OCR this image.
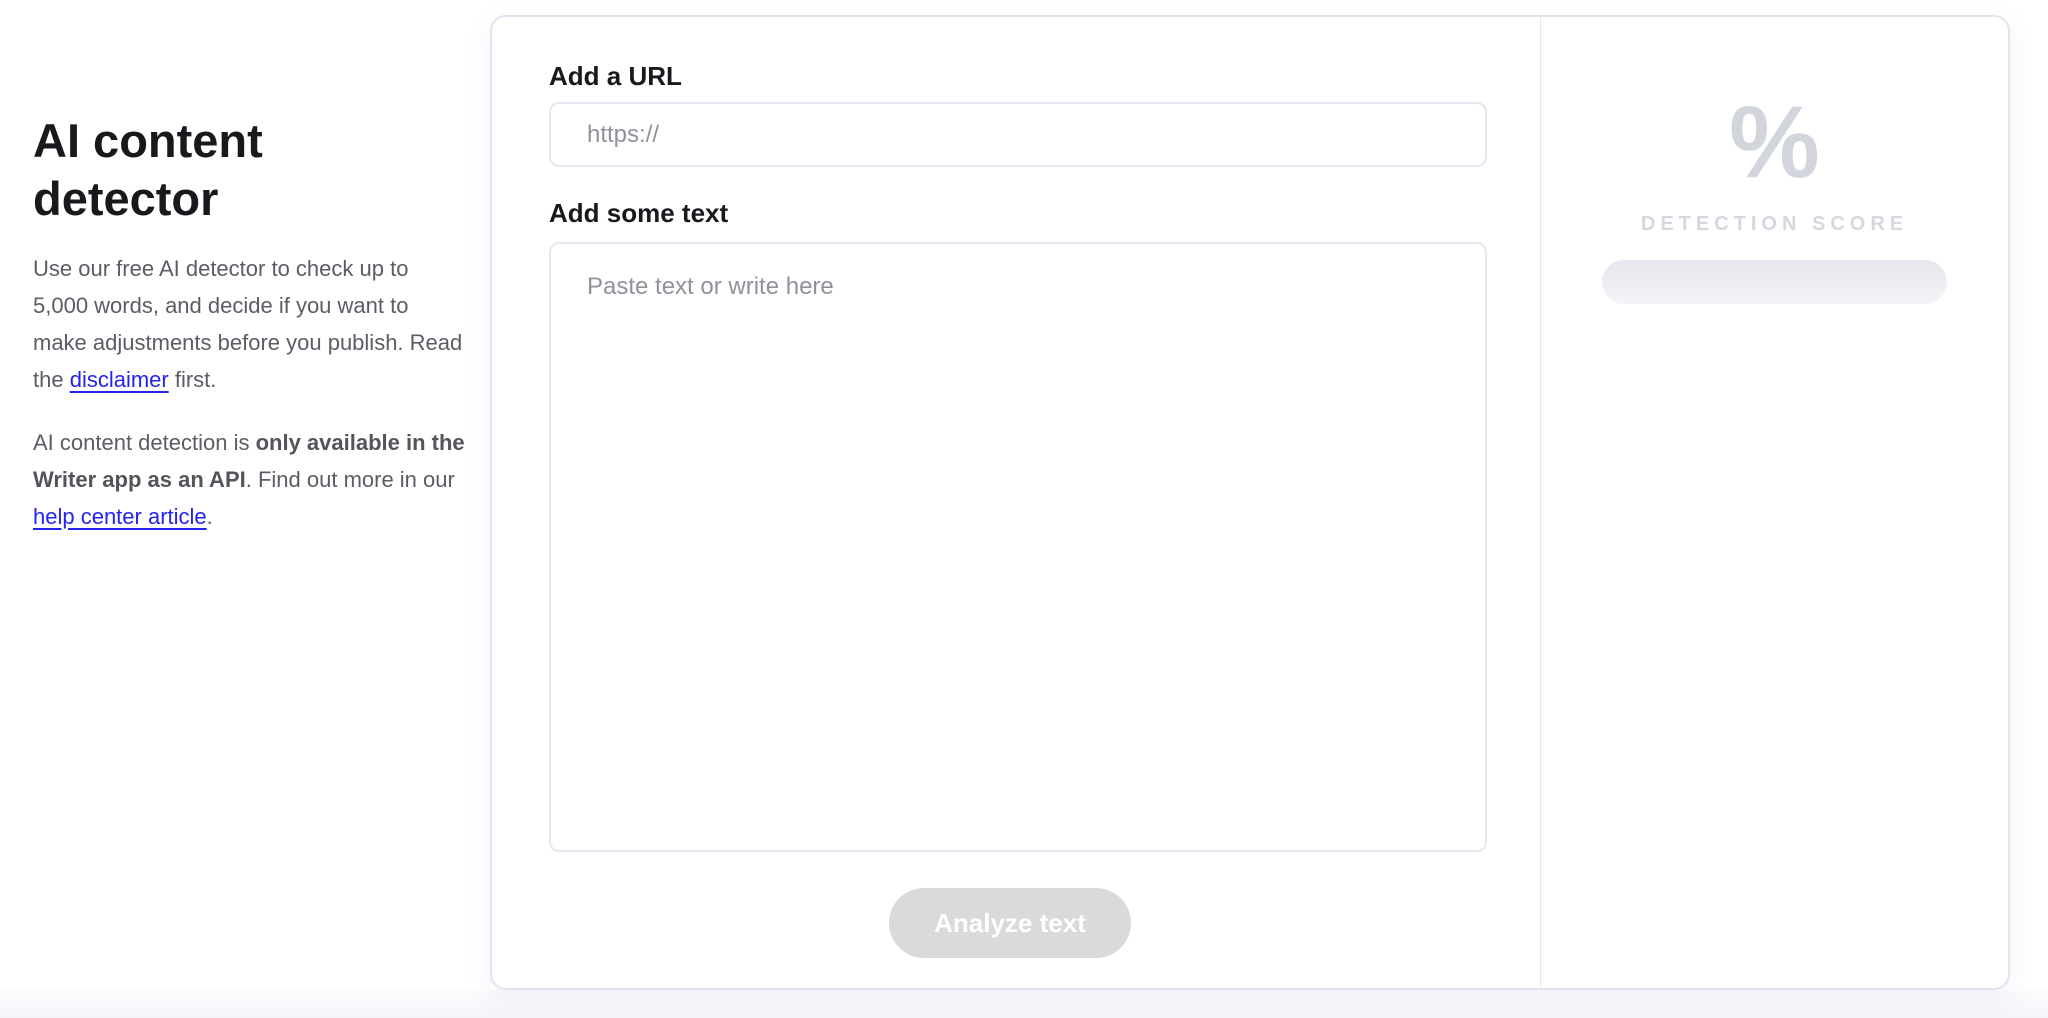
AI content detector

Use our free AI detector to check up to 5,000 words, and decide if you want to make adjustments before you publish. Read the disclaimer first.

AI content detection is only available in the Writer app as an API. Find out more in our help center article.

Add a URL
https://
Add some text
Paste text or write here
Analyze text
%
DETECTION SCORE
